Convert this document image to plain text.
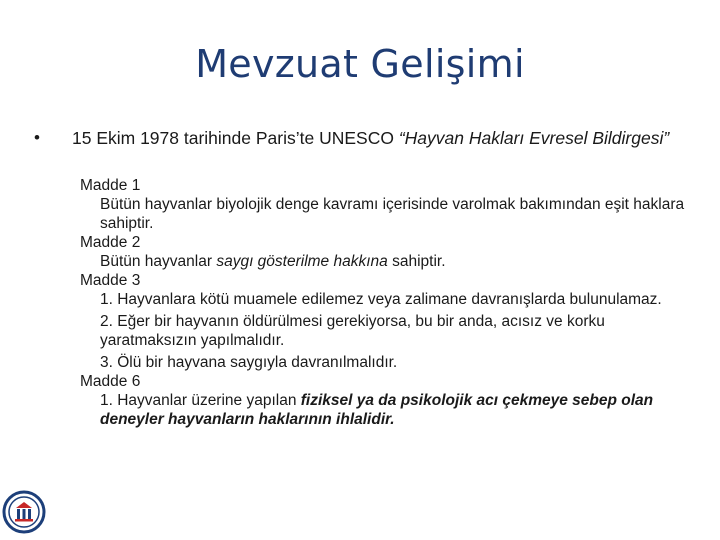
Mevzuat Gelişimi
• 15 Ekim 1978 tarihinde Paris’te UNESCO “Hayvan Hakları Evresel Bildirgesi”
Madde 1
Bütün hayvanlar biyolojik denge kavramı içerisinde varolmak bakımından eşit haklara sahiptir.
Madde 2
Bütün hayvanlar saygı gösterilme hakkına sahiptir.
Madde 3
1. Hayvanlara kötü muamele edilemez veya zalimane davranışlarda bulunulamaz.
2. Eğer bir hayvanın öldürülmesi gerekiyorsa, bu bir anda, acısız ve korku yaratmaksızın yapılmalıdır.
3. Ölü bir hayvana saygıyla davranılmalıdır.
Madde 6
1. Hayvanlar üzerine yapılan fiziksel ya da psikolojik acı çekmeye sebep olan deneyler hayvanların haklarının ihlalidir.
